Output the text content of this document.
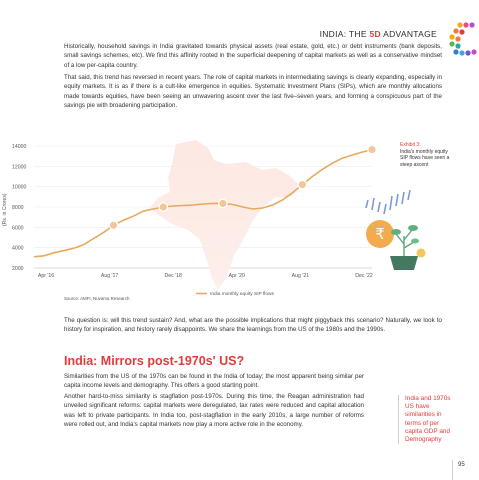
INDIA: THE 5D ADVANTAGE

Historically, household savings in India gravitated towards physical assets (real estate, gold, etc.) or debt instruments (bank deposits, small savings schemes, etc). We find this affinity rooted in the superficial deepening of capital markets as well as a conservative mindset of a low per-capita country.

That said, this trend has reversed in recent years. The role of capital markets in intermediating savings is clearly expanding, especially in equity markets. It is as if there is a cult-like emergence in equities. Systematic Investment Plans (SIPs), which are monthly allocations made towards equities, have been seeing an unwavering ascent over the last five–seven years, and forming a conspicuous part of the savings pie with broadening participation.

₹
14000
12000
10000
8000
6000
4000
2000
Apr '16	Aug '17	Dec '18	Apr '20	Aug '21	Dec '22
India monthly equity SIP flows
(Rs. in Crores)
Exhibit 3:
India's monthly equity SIP flows have seen a steep ascent
Source: AMFI, Nuvama Research

The question is: will this trend sustain? And, what are the possible implications that might piggyback this scenario? Naturally, we look to history for inspiration, and history rarely disappoints. We share the learnings from the US of the 1980s and the 1990s.

India: Mirrors post-1970s' US?

Similarities from the US of the 1970s can be found in the India of today; the most apparent being similar per capita income levels and demography. This offers a good starting point.

Another hard-to-miss similarity is stagflation post-1970s. During this time, the Reagan administration had unveiled significant reforms: capital markets were deregulated, tax rates were reduced and capital allocation was left to private participants. In India too, post-stagflation in the early 2010s, a large number of reforms were rolled out, and India's capital markets now play a more active role in the economy.

India and 1970s US have similarities in terms of per capita GDP and Demography
95
